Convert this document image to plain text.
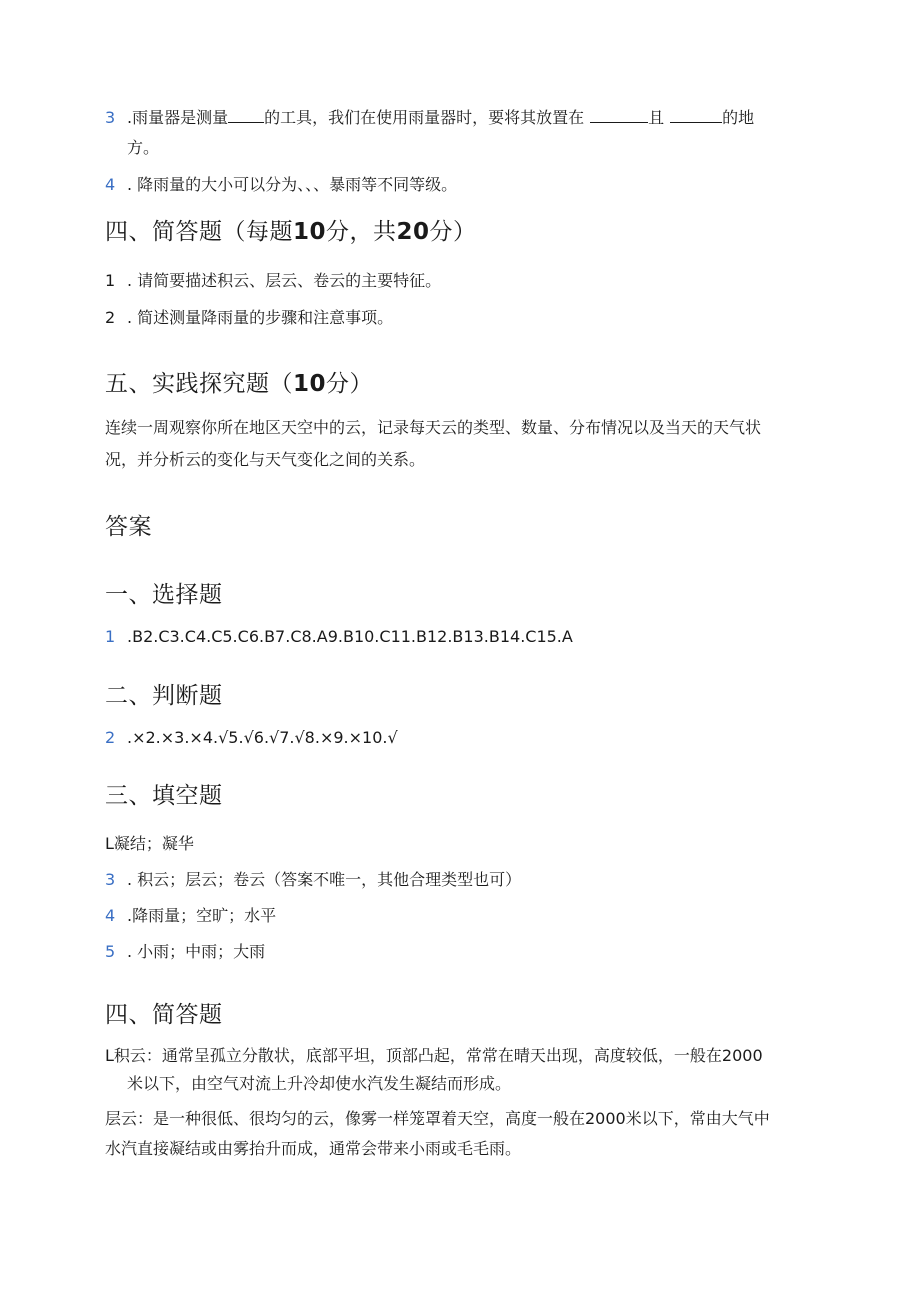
3 .雨量器是测量 的工具，我们在使用雨量器时，要将其放置在	且	的地
方。
4 . 降雨量的大小可以分为、、、暴雨等不同等级。
四、简答题（每题10分，共20分）
1 . 请简要描述积云、层云、卷云的主要特征。
2 . 简述测量降雨量的步骤和注意事项。
五、实践探究题（10分）
连续一周观察你所在地区天空中的云，记录每天云的类型、数量、分布情况以及当天的天气状
况，并分析云的变化与天气变化之间的关系。
答案
一、选择题
1 .B2.C3.C4.C5.C6.B7.C8.A9.B10.C11.B12.B13.B14.C15.A
二、判断题
2 .×2.×3.×4.√5.√6.√7.√8.×9.×10.√
三、填空题
L凝结；凝华
3 . 积云；层云；卷云（答案不唯一，其他合理类型也可）
4 .降雨量；空旷；水平
5 . 小雨；中雨；大雨
四、简答题
L积云：通常呈孤立分散状，底部平坦，顶部凸起，常常在晴天出现，高度较低，一般在2000
米以下，由空气对流上升冷却使水汽发生凝结而形成。
层云：是一种很低、很均匀的云，像雾一样笼罩着天空，高度一般在2000米以下，常由大气中
水汽直接凝结或由雾抬升而成，通常会带来小雨或毛毛雨。
